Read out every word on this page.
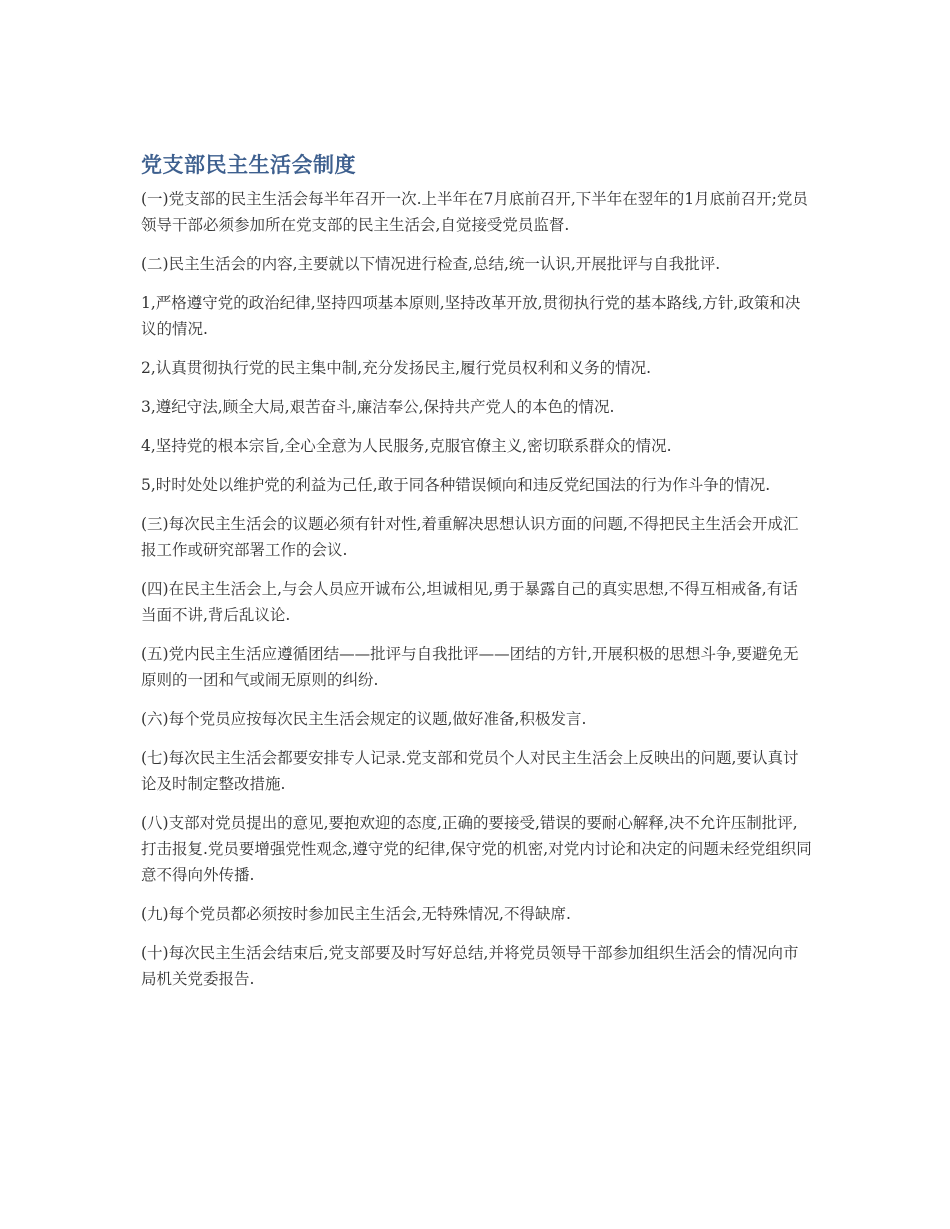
党支部民主生活会制度

(一)党支部的民主生活会每半年召开一次.上半年在7月底前召开,下半年在翌年的1月底前召开;党员领导干部必须参加所在党支部的民主生活会,自觉接受党员监督.

(二)民主生活会的内容,主要就以下情况进行检查,总结,统一认识,开展批评与自我批评.

1,严格遵守党的政治纪律,坚持四项基本原则,坚持改革开放,贯彻执行党的基本路线,方针,政策和决议的情况.

2,认真贯彻执行党的民主集中制,充分发扬民主,履行党员权利和义务的情况.

3,遵纪守法,顾全大局,艰苦奋斗,廉洁奉公,保持共产党人的本色的情况.

4,坚持党的根本宗旨,全心全意为人民服务,克服官僚主义,密切联系群众的情况.

5,时时处处以维护党的利益为己任,敢于同各种错误倾向和违反党纪国法的行为作斗争的情况.

(三)每次民主生活会的议题必须有针对性,着重解决思想认识方面的问题,不得把民主生活会开成汇报工作或研究部署工作的会议.

(四)在民主生活会上,与会人员应开诚布公,坦诚相见,勇于暴露自己的真实思想,不得互相戒备,有话当面不讲,背后乱议论.

(五)党内民主生活应遵循团结——批评与自我批评——团结的方针,开展积极的思想斗争,要避免无原则的一团和气或闹无原则的纠纷.

(六)每个党员应按每次民主生活会规定的议题,做好准备,积极发言.

(七)每次民主生活会都要安排专人记录.党支部和党员个人对民主生活会上反映出的问题,要认真讨论及时制定整改措施.

(八)支部对党员提出的意见,要抱欢迎的态度,正确的要接受,错误的要耐心解释,决不允许压制批评,打击报复.党员要增强党性观念,遵守党的纪律,保守党的机密,对党内讨论和决定的问题未经党组织同意不得向外传播.

(九)每个党员都必须按时参加民主生活会,无特殊情况,不得缺席.

(十)每次民主生活会结束后,党支部要及时写好总结,并将党员领导干部参加组织生活会的情况向市局机关党委报告.
